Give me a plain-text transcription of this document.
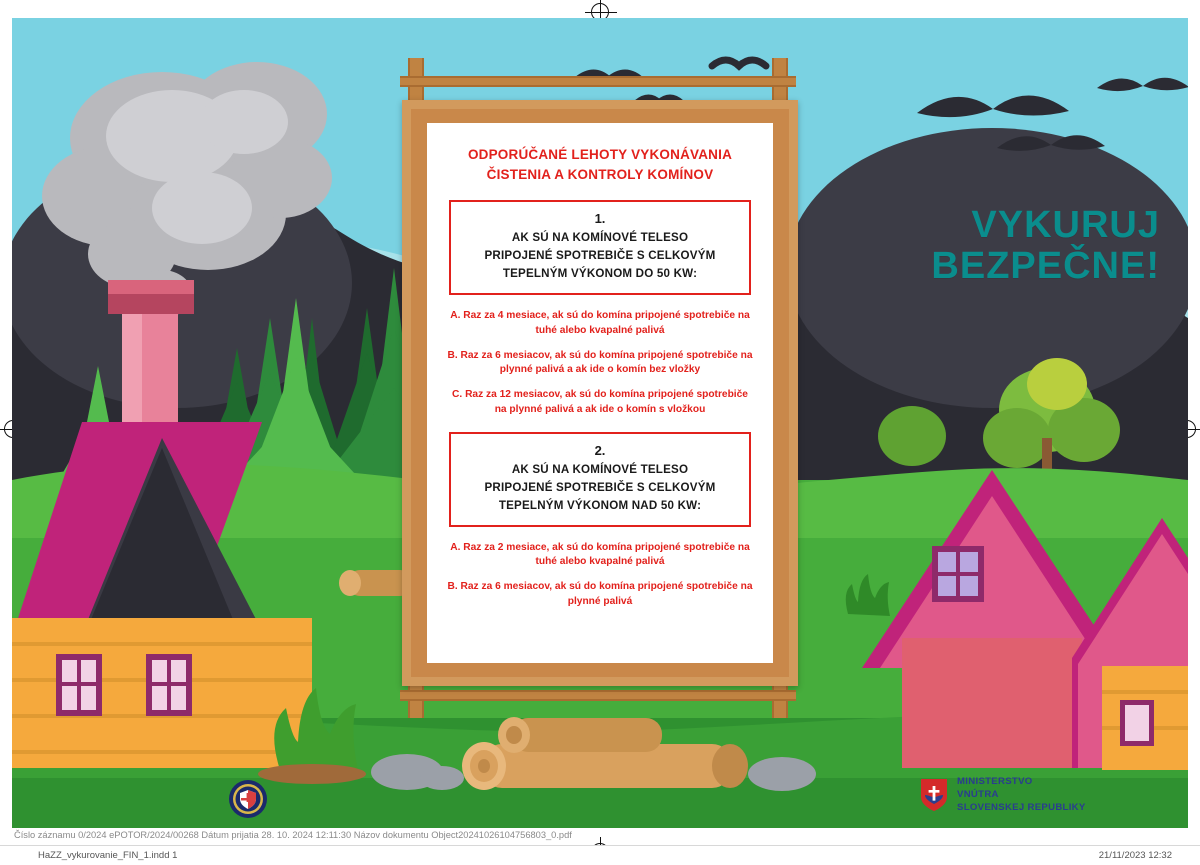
ODPORÚČANÉ LEHOTY VYKONÁVANIA
ČISTENIA A KONTROLY KOMÍNOV
1.
AK SÚ NA KOMÍNOVÉ TELESO
PRIPOJENÉ SPOTREBIČE S CELKOVÝM
TEPELNÝM VÝKONOM DO 50 KW:
A. Raz za 4 mesiace, ak sú do komína pripojené spotrebiče na tuhé alebo kvapalné palivá
B. Raz za 6 mesiacov, ak sú do komína pripojené spotrebiče na plynné palivá a ak ide o komín bez vložky
C. Raz za 12 mesiacov, ak sú do komína pripojené spotrebiče na plynné palivá a ak ide o komín s vložkou
2.
AK SÚ NA KOMÍNOVÉ TELESO
PRIPOJENÉ SPOTREBIČE S CELKOVÝM
TEPELNÝM VÝKONOM NAD 50 KW:
A. Raz za 2 mesiace, ak sú do komína pripojené spotrebiče na tuhé alebo kvapalné palivá
B. Raz za 6 mesiacov, ak sú do komína pripojené spotrebiče na plynné palivá
VYKURUJ
BEZPEČNE!
MINISTERSTVO
VNÚTRA
SLOVENSKEJ REPUBLIKY
Číslo záznamu 0/2024 ePOTOR/2024/00268 Dátum prijatia 28. 10. 2024 12:11:30 Názov dokumentu Object20241026104756803_0.pdf
HaZZ_vykurovanie_FIN_1.indd 1	21/11/2023 12:32
